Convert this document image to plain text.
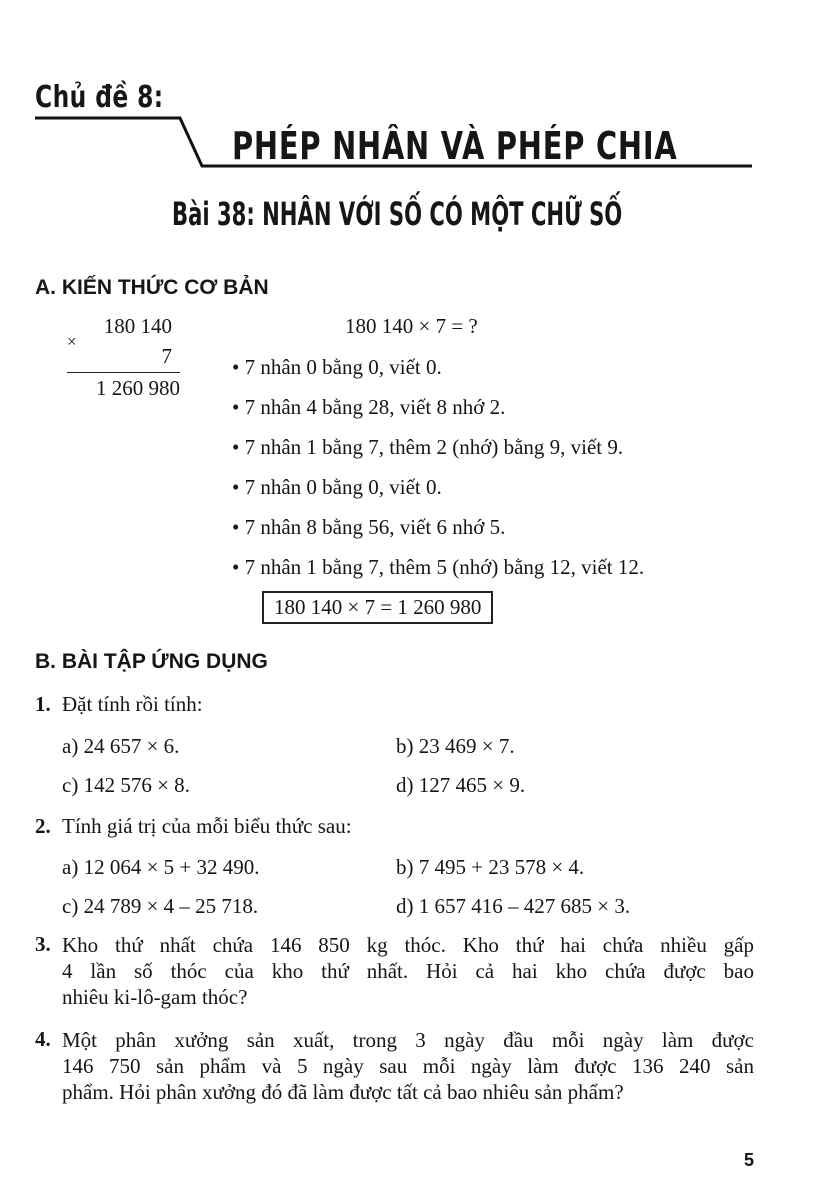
Chủ đề 8:
PHÉP NHÂN VÀ PHÉP CHIA
Bài 38: NHÂN VỚI SỐ CÓ MỘT CHỮ SỐ
A. KIẾN THỨC CƠ BẢN
180 140
×
7
1 260 980
180 140 × 7 = ?
• 7 nhân 0 bằng 0, viết 0.
• 7 nhân 4 bằng 28, viết 8 nhớ 2.
• 7 nhân 1 bằng 7, thêm 2 (nhớ) bằng 9, viết 9.
• 7 nhân 0 bằng 0, viết 0.
• 7 nhân 8 bằng 56, viết 6 nhớ 5.
• 7 nhân 1 bằng 7, thêm 5 (nhớ) bằng 12, viết 12.
180 140 × 7 = 1 260 980
B. BÀI TẬP ỨNG DỤNG
1. Đặt tính rồi tính:
a) 24 657 × 6.	b) 23 469 × 7.
c) 142 576 × 8.	d) 127 465 × 9.
2. Tính giá trị của mỗi biểu thức sau:
a) 12 064 × 5 + 32 490.	b) 7 495 + 23 578 × 4.
c) 24 789 × 4 – 25 718.	d) 1 657 416 – 427 685 × 3.
3. Kho thứ nhất chứa 146 850 kg thóc. Kho thứ hai chứa nhiều gấp
4 lần số thóc của kho thứ nhất. Hỏi cả hai kho chứa được bao
nhiêu ki-lô-gam thóc?
4. Một phân xưởng sản xuất, trong 3 ngày đầu mỗi ngày làm được
146 750 sản phẩm và 5 ngày sau mỗi ngày làm được 136 240 sản
phẩm. Hỏi phân xưởng đó đã làm được tất cả bao nhiêu sản phẩm?
5
